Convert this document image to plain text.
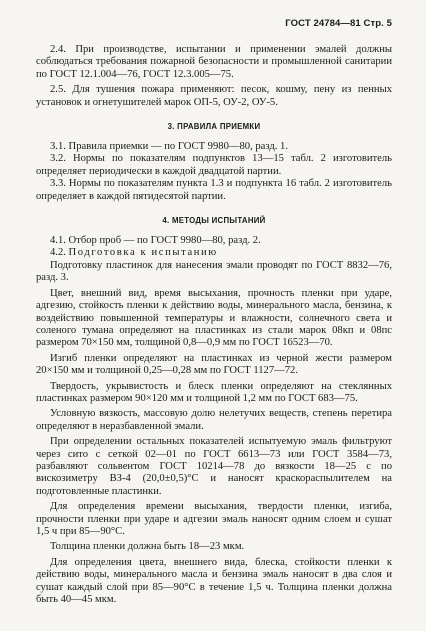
ГОСТ 24784—81 Стр. 5

2.4. При производстве, испытании и применении эмалей должны соблюдаться требования пожарной безопасности и промышленной санитарии по ГОСТ 12.1.004—76, ГОСТ 12.3.005—75.

2.5. Для тушения пожара применяют: песок, кошму, пену из пенных установок и огнетушителей марок ОП-5, ОУ-2, ОУ-5.

3. ПРАВИЛА ПРИЕМКИ

3.1. Правила приемки — по ГОСТ 9980—80, разд. 1.

3.2. Нормы по показателям подпунктов 13—15 табл. 2 изготовитель определяет периодически в каждой двадцатой партии.

3.3. Нормы по показателям пункта 1.3 и подпункта 16 табл. 2 изготовитель определяет в каждой пятидесятой партии.

4. МЕТОДЫ ИСПЫТАНИЙ

4.1. Отбор проб — по ГОСТ 9980—80, разд. 2.

4.2. Подготовка к испытанию

Подготовку пластинок для нанесения эмали проводят по ГОСТ 8832—76, разд. 3.

Цвет, внешний вид, время высыхания, прочность пленки при ударе, адгезию, стойкость пленки к действию воды, минерального масла, бензина, к воздействию повышенной температуры и влажности, солнечного света и соленого тумана определяют на пластинках из стали марок 08кп и 08пс размером 70×150 мм, толщиной 0,8—0,9 мм по ГОСТ 16523—70.

Изгиб пленки определяют на пластинках из черной жести размером 20×150 мм и толщиной 0,25—0,28 мм по ГОСТ 1127—72.

Твердость, укрывистость и блеск пленки определяют на стеклянных пластинках размером 90×120 мм и толщиной 1,2 мм по ГОСТ 683—75.

Условную вязкость, массовую долю нелетучих веществ, степень перетира определяют в неразбавленной эмали.

При определении остальных показателей испытуемую эмаль фильтруют через сито с сеткой 02—01 по ГОСТ 6613—73 или ГОСТ 3584—73, разбавляют сольвентом ГОСТ 10214—78 до вязкости 18—25 с по вискозиметру ВЗ-4 (20,0±0,5)°С и наносят краскораспылителем на подготовленные пластинки.

Для определения времени высыхания, твердости пленки, изгиба, прочности пленки при ударе и адгезии эмаль наносят одним слоем и сушат 1,5 ч при 85—90°С.

Толщина пленки должна быть 18—23 мкм.

Для определения цвета, внешнего вида, блеска, стойкости пленки к действию воды, минерального масла и бензина эмаль наносят в два слоя и сушат каждый слой при 85—90°С в течение 1,5 ч. Толщина пленки должна быть 40—45 мкм.
